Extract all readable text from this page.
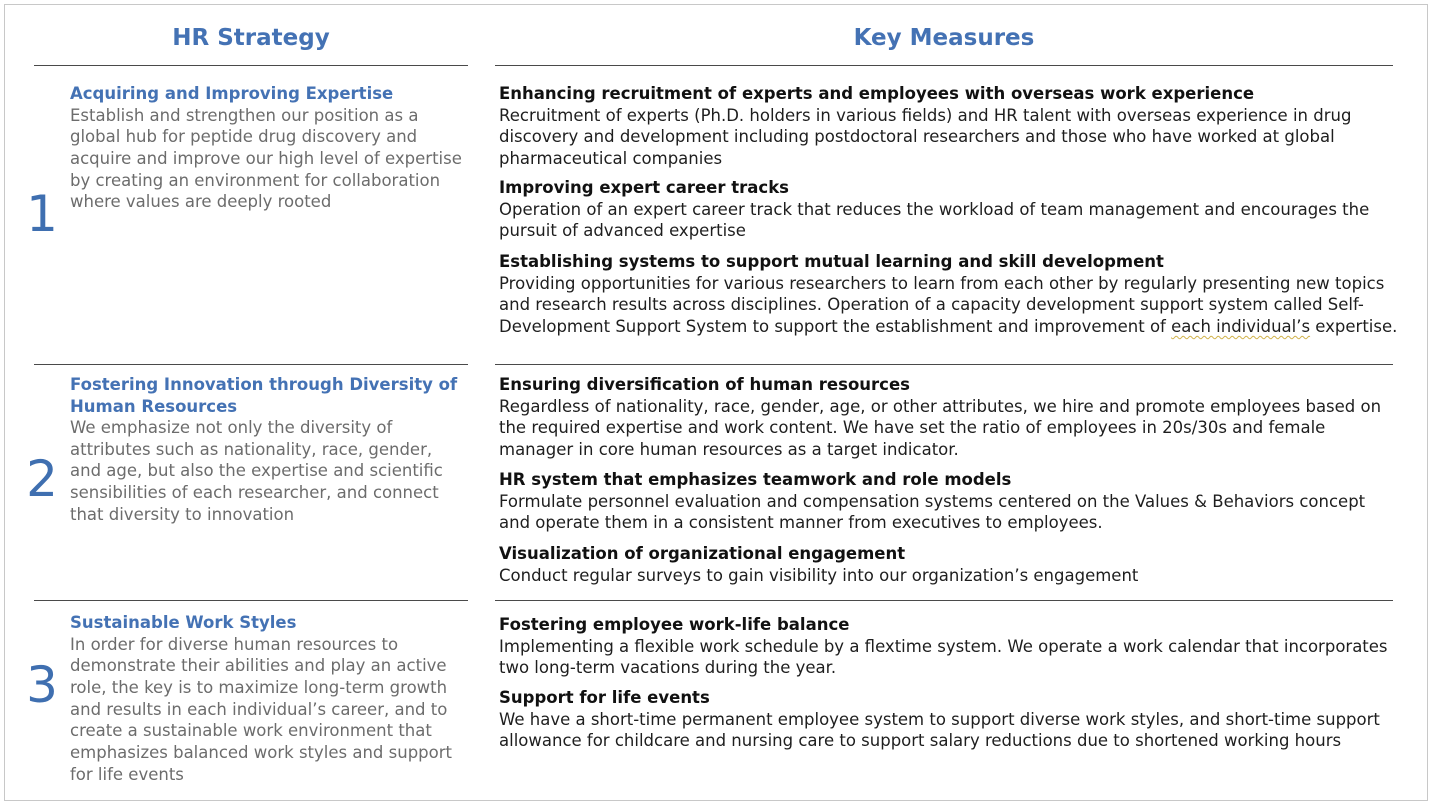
HR Strategy	Key Measures
1
Acquiring and Improving Expertise
Establish and strengthen our position as a global hub for peptide drug discovery and acquire and improve our high level of expertise by creating an environment for collaboration where values are deeply rooted
Enhancing recruitment of experts and employees with overseas work experience
Recruitment of experts (Ph.D. holders in various fields) and HR talent with overseas experience in drug discovery and development including postdoctoral researchers and those who have worked at global pharmaceutical companies
Improving expert career tracks
Operation of an expert career track that reduces the workload of team management and encourages the pursuit of advanced expertise
Establishing systems to support mutual learning and skill development
Providing opportunities for various researchers to learn from each other by regularly presenting new topics and research results across disciplines. Operation of a capacity development support system called Self-Development Support System to support the establishment and improvement of each individual’s expertise.
2
Fostering Innovation through Diversity of Human Resources
We emphasize not only the diversity of attributes such as nationality, race, gender, and age, but also the expertise and scientific sensibilities of each researcher, and connect that diversity to innovation
Ensuring diversification of human resources
Regardless of nationality, race, gender, age, or other attributes, we hire and promote employees based on the required expertise and work content. We have set the ratio of employees in 20s/30s and female manager in core human resources as a target indicator.
HR system that emphasizes teamwork and role models
Formulate personnel evaluation and compensation systems centered on the Values & Behaviors concept and operate them in a consistent manner from executives to employees.
Visualization of organizational engagement
Conduct regular surveys to gain visibility into our organization’s engagement
3
Sustainable Work Styles
In order for diverse human resources to demonstrate their abilities and play an active role, the key is to maximize long-term growth and results in each individual’s career, and to create a sustainable work environment that emphasizes balanced work styles and support for life events
Fostering employee work-life balance
Implementing a flexible work schedule by a flextime system. We operate a work calendar that incorporates two long-term vacations during the year.
Support for life events
We have a short-time permanent employee system to support diverse work styles, and short-time support allowance for childcare and nursing care to support salary reductions due to shortened working hours
